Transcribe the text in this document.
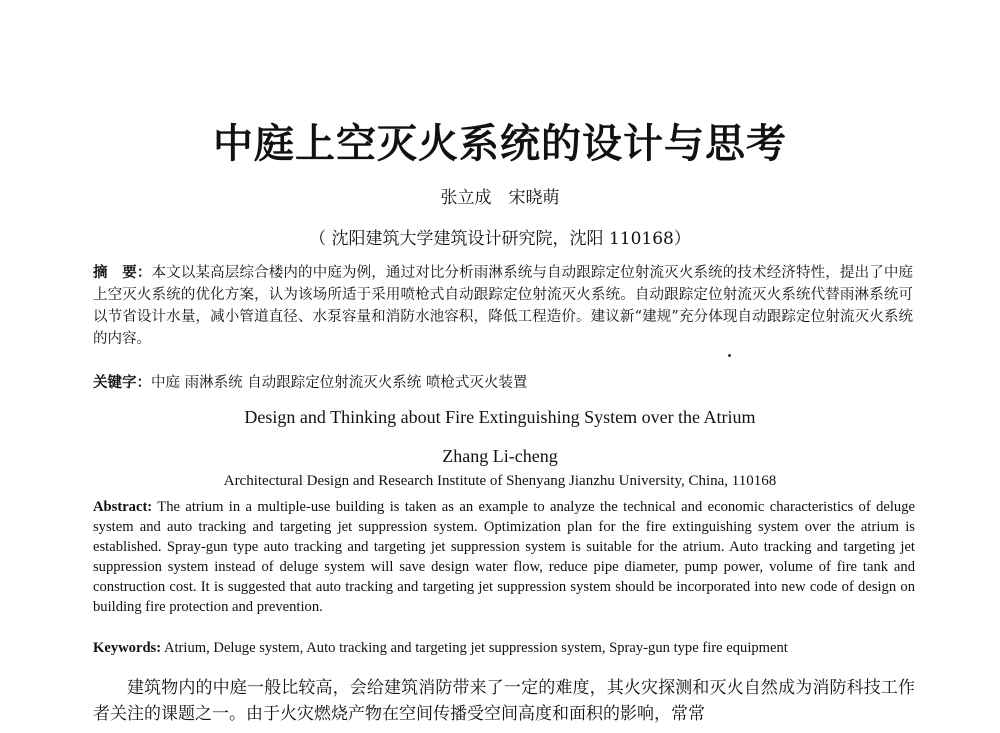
中庭上空灭火系统的设计与思考
张立成　宋晓萌
（ 沈阳建筑大学建筑设计研究院，沈阳 110168）
摘　要：本文以某高层综合楼内的中庭为例，通过对比分析雨淋系统与自动跟踪定位射流灭火系统的技术经济特性，提出了中庭上空灭火系统的优化方案，认为该场所适于采用喷枪式自动跟踪定位射流灭火系统。自动跟踪定位射流灭火系统代替雨淋系统可以节省设计水量，减小管道直径、水泵容量和消防水池容积，降低工程造价。建议新“建规”充分体现自动跟踪定位射流灭火系统的内容。
关键字：中庭 雨淋系统 自动跟踪定位射流灭火系统 喷枪式灭火装置
Design and Thinking about Fire Extinguishing System over the Atrium
Zhang Li-cheng
Architectural Design and Research Institute of Shenyang Jianzhu University, China, 110168
Abstract: The atrium in a multiple-use building is taken as an example to analyze the technical and economic characteristics of deluge system and auto tracking and targeting jet suppression system. Optimization plan for the fire extinguishing system over the atrium is established. Spray-gun type auto tracking and targeting jet suppression system is suitable for the atrium. Auto tracking and targeting jet suppression system instead of deluge system will save design water flow, reduce pipe diameter, pump power, volume of fire tank and construction cost. It is suggested that auto tracking and targeting jet suppression system should be incorporated into new code of design on building fire protection and prevention.
Keywords: Atrium, Deluge system, Auto tracking and targeting jet suppression system, Spray-gun type fire equipment
建筑物内的中庭一般比较高，会给建筑消防带来了一定的难度，其火灾探测和灭火自然成为消防科技工作者关注的课题之一。由于火灾燃烧产物在空间传播受空间高度和面积的影响，常常
